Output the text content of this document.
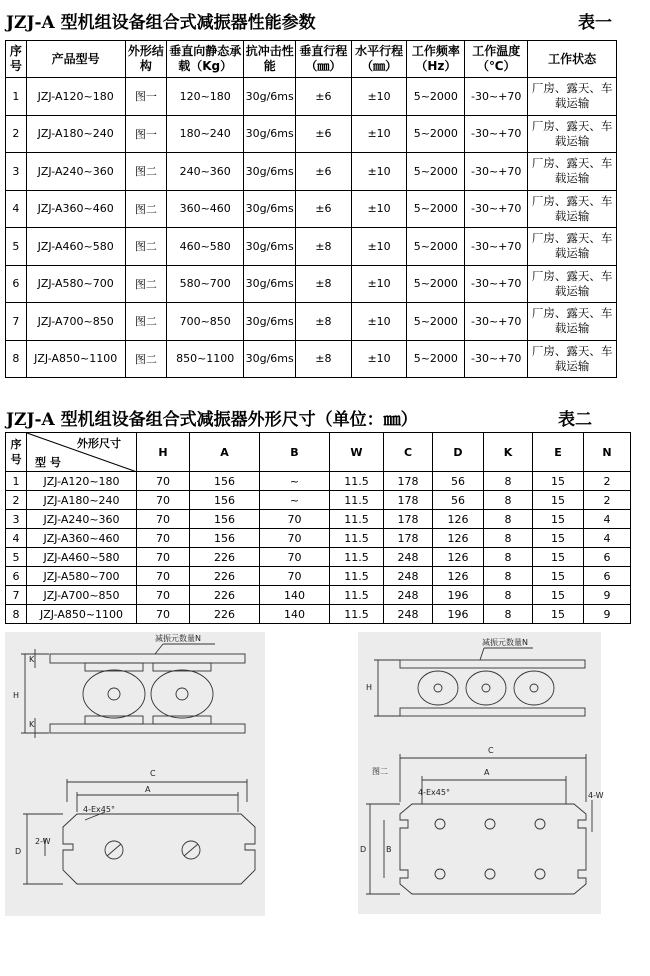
JZJ-A 型机组设备组合式减振器性能参数	表一
序号	产品型号	外形结构	垂直向静态承载（Kg）	抗冲击性能	垂直行程（㎜）	水平行程（㎜）	工作频率（Hz）	工作温度（℃）	工作状态
1	JZJ-A120~180	图一	120~180	30g/6ms	±6	±10	5~2000	-30~+70	厂房、露天、车载运输
2	JZJ-A180~240	图一	180~240	30g/6ms	±6	±10	5~2000	-30~+70	厂房、露天、车载运输
3	JZJ-A240~360	图二	240~360	30g/6ms	±6	±10	5~2000	-30~+70	厂房、露天、车载运输
4	JZJ-A360~460	图二	360~460	30g/6ms	±6	±10	5~2000	-30~+70	厂房、露天、车载运输
5	JZJ-A460~580	图二	460~580	30g/6ms	±8	±10	5~2000	-30~+70	厂房、露天、车载运输
6	JZJ-A580~700	图二	580~700	30g/6ms	±8	±10	5~2000	-30~+70	厂房、露天、车载运输
7	JZJ-A700~850	图二	700~850	30g/6ms	±8	±10	5~2000	-30~+70	厂房、露天、车载运输
8	JZJ-A850~1100	图二	850~1100	30g/6ms	±8	±10	5~2000	-30~+70	厂房、露天、车载运输
JZJ-A 型机组设备组合式减振器外形尺寸（单位：㎜）	表二
序号	外形尺寸
型 号	H	A	B	W	C	D	K	E	N
1	JZJ-A120~180	70	156	~	11.5	178	56	8	15	2
2	JZJ-A180~240	70	156	~	11.5	178	56	8	15	2
3	JZJ-A240~360	70	156	70	11.5	178	126	8	15	4
4	JZJ-A360~460	70	156	70	11.5	178	126	8	15	4
5	JZJ-A460~580	70	226	70	11.5	248	126	8	15	6
6	JZJ-A580~700	70	226	70	11.5	248	126	8	15	6
7	JZJ-A700~850	70	226	140	11.5	248	196	8	15	9
8	JZJ-A850~1100	70	226	140	11.5	248	196	8	15	9
减振元数量N
H
K
K
C
A
4-Ex45°
D
2-W
减振元数量N
H
C
A
图二
4-Ex45°
D B
4-W
